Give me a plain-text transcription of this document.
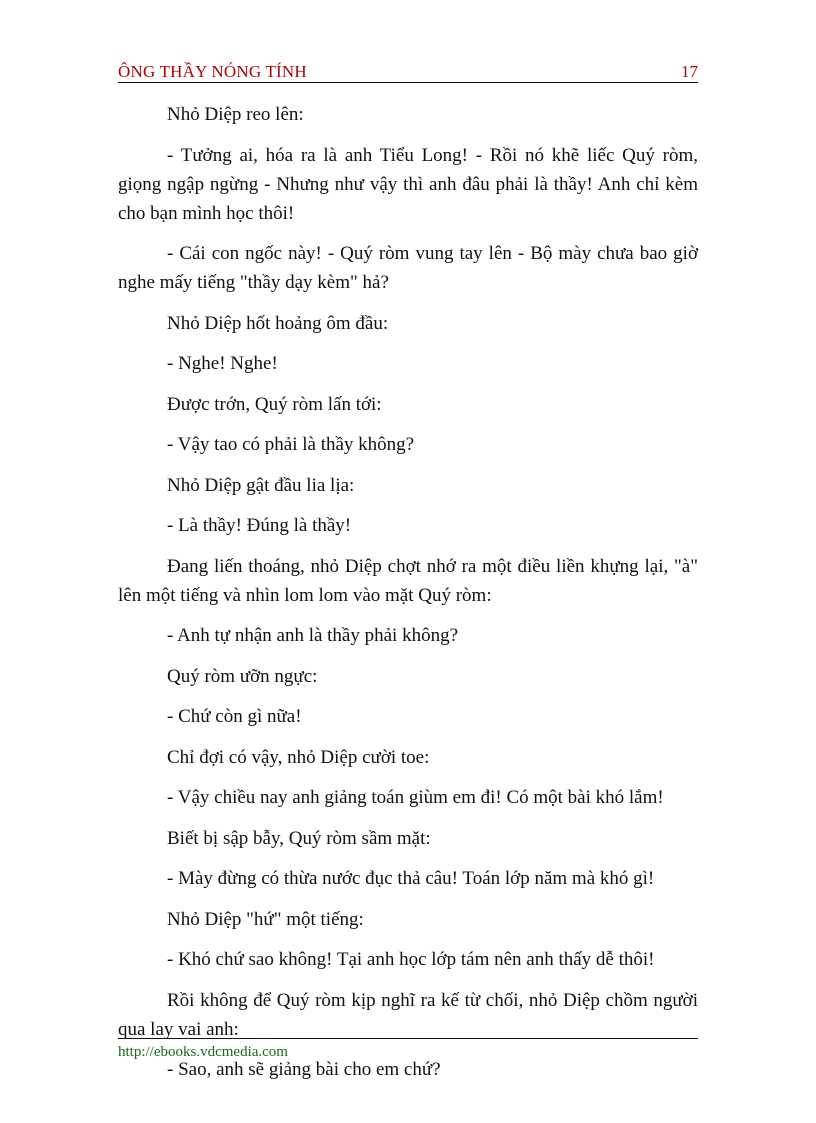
ÔNG THẦY NÓNG TÍNH	17

Nhỏ Diệp reo lên:

- Tưởng ai, hóa ra là anh Tiểu Long! - Rồi nó khẽ liếc Quý ròm, giọng ngập ngừng - Nhưng như vậy thì anh đâu phải là thầy! Anh chỉ kèm cho bạn mình học thôi!

- Cái con ngốc này! - Quý ròm vung tay lên - Bộ mày chưa bao giờ nghe mấy tiếng "thầy dạy kèm" hả?

Nhỏ Diệp hốt hoảng ôm đầu:

- Nghe! Nghe!

Được trớn, Quý ròm lấn tới:

- Vậy tao có phải là thầy không?

Nhỏ Diệp gật đầu lia lịa:

- Là thầy! Đúng là thầy!

Đang liến thoáng, nhỏ Diệp chợt nhớ ra một điều liền khựng lại, "à" lên một tiếng và nhìn lom lom vào mặt Quý ròm:

- Anh tự nhận anh là thầy phải không?

Quý ròm ưỡn ngực:

- Chứ còn gì nữa!

Chỉ đợi có vậy, nhỏ Diệp cười toe:

- Vậy chiều nay anh giảng toán giùm em đi! Có một bài khó lắm!

Biết bị sập bẫy, Quý ròm sầm mặt:

- Mày đừng có thừa nước đục thả câu! Toán lớp năm mà khó gì!

Nhỏ Diệp "hứ" một tiếng:

- Khó chứ sao không! Tại anh học lớp tám nên anh thấy dễ thôi!

Rồi không để Quý ròm kịp nghĩ ra kế từ chối, nhỏ Diệp chồm người qua lay vai anh:

- Sao, anh sẽ giảng bài cho em chứ?

http://ebooks.vdcmedia.com
